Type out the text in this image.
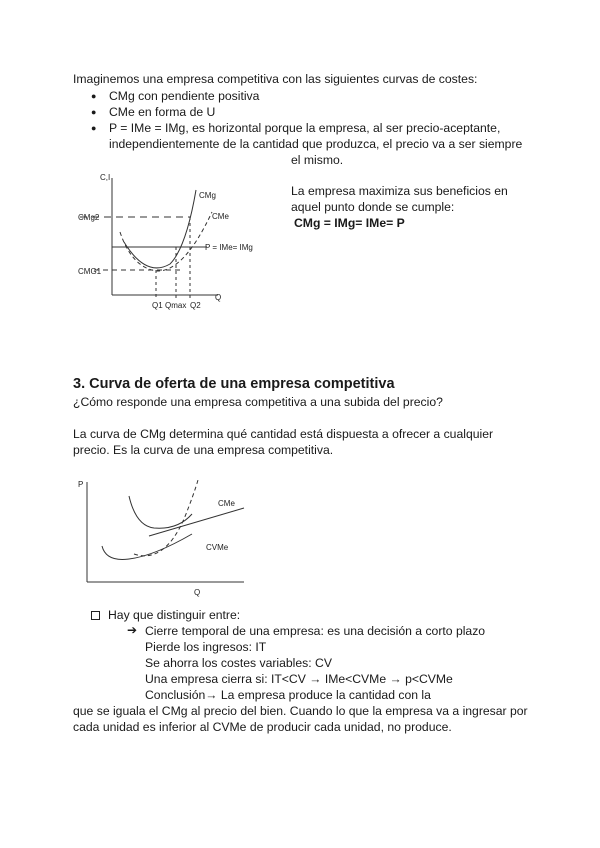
Imaginemos una empresa competitiva con las siguientes curvas de costes:
● CMg con pendiente positiva
● CMe en forma de U
● P = IMe = IMg, es horizontal porque la empresa, al ser precio-aceptante,
independientemente de la cantidad que produzca, el precio va a ser siempre
el mismo.
C,I
Q
CMg2
CMG1
CMg
CMe
P = IMe= IMg
Q1 Qmax Q2
La empresa maximiza sus beneficios en
aquel punto donde se cumple:
CMg = IMg= IMe= P
3. Curva de oferta de una empresa competitiva
¿Cómo responde una empresa competitiva a una subida del precio?
La curva de CMg determina qué cantidad está dispuesta a ofrecer a cualquier
precio. Es la curva de una empresa competitiva.
P
Q
CMe
CVMe
Hay que distinguir entre:
➔ Cierre temporal de una empresa: es una decisión a corto plazo
Pierde los ingresos: IT
Se ahorra los costes variables: CV
Una empresa cierra si: IT<CV → IMe<CVMe → p<CVMe
Conclusión→ La empresa produce la cantidad con la
que se iguala el CMg al precio del bien. Cuando lo que la empresa va a ingresar por
cada unidad es inferior al CVMe de producir cada unidad, no produce.
